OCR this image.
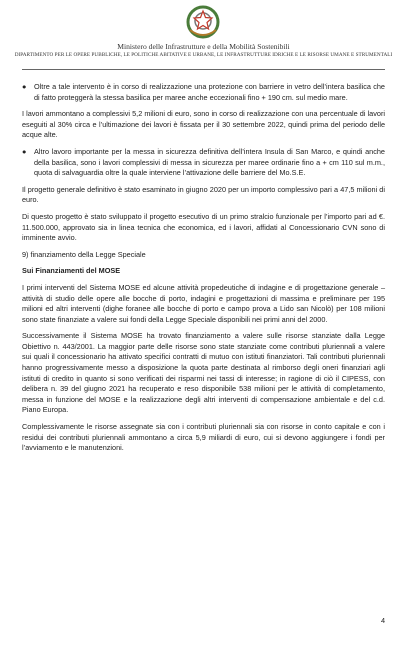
Ministero delle Infrastrutture e della Mobilità Sostenibili
DIPARTIMENTO PER LE OPERE PUBBLICHE, LE POLITICHE ABITATIVE E URBANE, LE INFRASTRUTTURE IDRICHE E LE RISORSE UMANE E STRUMENTALI
● Oltre a tale intervento è in corso di realizzazione una protezione con barriere in vetro dell’intera basilica che di fatto proteggerà la stessa basilica per maree anche eccezionali fino + 190 cm. sul medio mare.

I lavori ammontano a complessivi 5,2 milioni di euro, sono in corso di realizzazione con una percentuale di lavori eseguiti al 30% circa e l’ultimazione dei lavori è fissata per il 30 settembre 2022, quindi prima del periodo delle acque alte.

● Altro lavoro importante per la messa in sicurezza definitiva dell’intera Insula di San Marco, e quindi anche della basilica, sono i lavori complessivi di messa in sicurezza per maree ordinarie fino a + cm 110 sul m.m., quota di salvaguardia oltre la quale interviene l’attivazione delle barriere del Mo.S.E.

Il progetto generale definitivo è stato esaminato in giugno 2020 per un importo complessivo pari a 47,5 milioni di euro.

Di questo progetto è stato sviluppato il progetto esecutivo di un primo stralcio funzionale per l’importo pari ad €. 11.500.000, approvato sia in linea tecnica che economica, ed i lavori, affidati al Concessionario CVN sono di imminente avvio.

9) finanziamento della Legge Speciale

Sui Finanziamenti del MOSE

I primi interventi del Sistema MOSE ed alcune attività propedeutiche di indagine e di progettazione generale – attività di studio delle opere alle bocche di porto, indagini e progettazioni di massima e preliminare per 195 milioni ed altri interventi (dighe foranee alle bocche di porto e campo prova a Lido san Nicolò) per 108 milioni sono state finanziate a valere sui fondi della Legge Speciale disponibili nei primi anni del 2000.

Successivamente il Sistema MOSE ha trovato finanziamento a valere sulle risorse stanziate dalla Legge Obiettivo n. 443/2001. La maggior parte delle risorse sono state stanziate come contributi pluriennali a valere sui quali il concessionario ha attivato specifici contratti di mutuo con istituti finanziatori. Tali contributi pluriennali hanno progressivamente messo a disposizione la quota parte destinata al rimborso degli oneri finanziari agli istituti di credito in quanto si sono verificati dei risparmi nei tassi di interesse; in ragione di ciò il CIPESS, con delibera n. 39 del giugno 2021 ha recuperato e reso disponibile 538 milioni per le attività di completamento, messa in funzione del MOSE e la realizzazione degli altri interventi di compensazione ambientale e del c.d. Piano Europa.

Complessivamente le risorse assegnate sia con i contributi pluriennali sia con risorse in conto capitale e con i residui dei contributi pluriennali ammontano a circa 5,9 miliardi di euro, cui si devono aggiungere i fondi per l’avviamento e le manutenzioni.

4
